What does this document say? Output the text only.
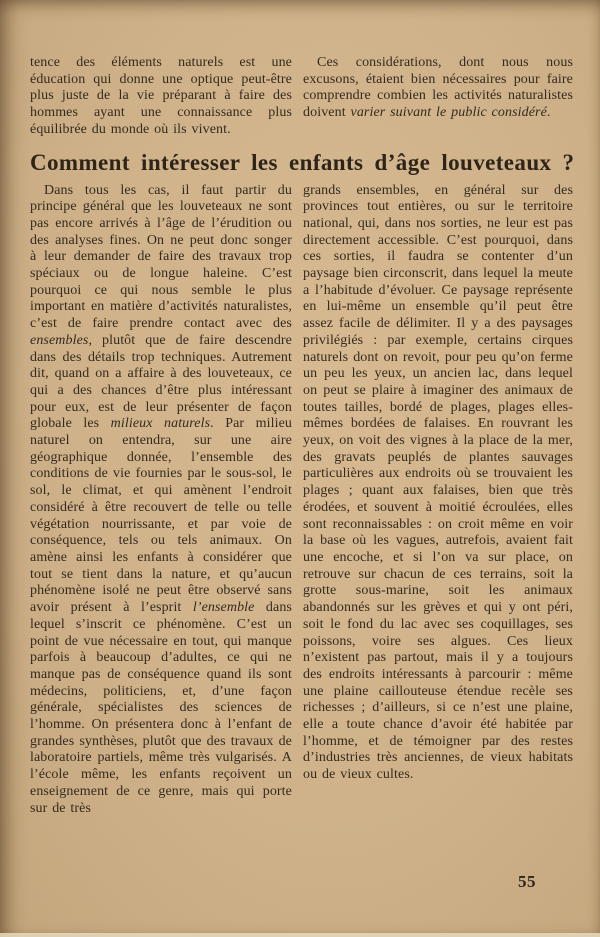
tence des éléments naturels est une éducation qui donne une optique peut-être plus juste de la vie préparant à faire des hommes ayant une connaissance plus équilibrée du monde où ils vivent.

Ces considérations, dont nous nous excusons, étaient bien nécessaires pour faire comprendre combien les activités naturalistes doivent varier suivant le public considéré.

Comment intéresser les enfants d’âge louveteaux ?

Dans tous les cas, il faut partir du principe général que les louveteaux ne sont pas encore arrivés à l’âge de l’érudition ou des analyses fines. On ne peut donc songer à leur demander de faire des travaux trop spéciaux ou de longue haleine. C’est pourquoi ce qui nous semble le plus important en matière d’activités naturalistes, c’est de faire prendre contact avec des ensembles, plutôt que de faire descendre dans des détails trop techniques. Autrement dit, quand on a affaire à des louveteaux, ce qui a des chances d’être plus intéressant pour eux, est de leur présenter de façon globale les milieux naturels. Par milieu naturel on entendra, sur une aire géographique donnée, l’ensemble des conditions de vie fournies par le sous-sol, le sol, le climat, et qui amènent l’endroit considéré à être recouvert de telle ou telle végétation nourrissante, et par voie de conséquence, tels ou tels animaux. On amène ainsi les enfants à considérer que tout se tient dans la nature, et qu’aucun phénomène isolé ne peut être observé sans avoir présent à l’esprit l’ensemble dans lequel s’inscrit ce phénomène. C’est un point de vue nécessaire en tout, qui manque parfois à beaucoup d’adultes, ce qui ne manque pas de conséquence quand ils sont médecins, politiciens, et, d’une façon générale, spécialistes des sciences de l’homme. On présentera donc à l’enfant de grandes synthèses, plutôt que des travaux de laboratoire partiels, même très vulgarisés. A l’école même, les enfants reçoivent un enseignement de ce genre, mais qui porte sur de très

grands ensembles, en général sur des provinces tout entières, ou sur le territoire national, qui, dans nos sorties, ne leur est pas directement accessible. C’est pourquoi, dans ces sorties, il faudra se contenter d’un paysage bien circonscrit, dans lequel la meute a l’habitude d’évoluer. Ce paysage représente en lui-même un ensemble qu’il peut être assez facile de délimiter. Il y a des paysages privilégiés : par exemple, certains cirques naturels dont on revoit, pour peu qu’on ferme un peu les yeux, un ancien lac, dans lequel on peut se plaire à imaginer des animaux de toutes tailles, bordé de plages, plages elles-mêmes bordées de falaises. En rouvrant les yeux, on voit des vignes à la place de la mer, des gravats peuplés de plantes sauvages particulières aux endroits où se trouvaient les plages ; quant aux falaises, bien que très érodées, et souvent à moitié écroulées, elles sont reconnaissables : on croit même en voir la base où les vagues, autrefois, avaient fait une encoche, et si l’on va sur place, on retrouve sur chacun de ces terrains, soit la grotte sous-marine, soit les animaux abandonnés sur les grèves et qui y ont péri, soit le fond du lac avec ses coquillages, ses poissons, voire ses algues. Ces lieux n’existent pas partout, mais il y a toujours des endroits intéressants à parcourir : même une plaine caillouteuse étendue recèle ses richesses ; d’ailleurs, si ce n’est une plaine, elle a toute chance d’avoir été habitée par l’homme, et de témoigner par des restes d’industries très anciennes, de vieux habitats ou de vieux cultes.

55
